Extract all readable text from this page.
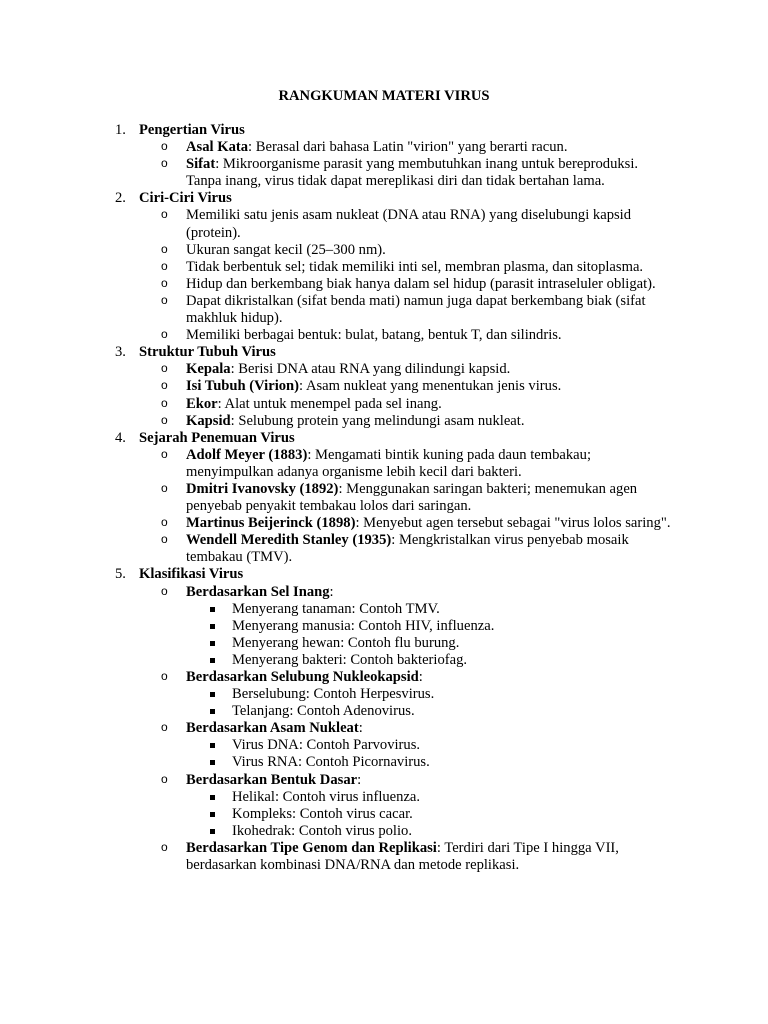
RANGKUMAN MATERI VIRUS
1. Pengertian Virus
o Asal Kata: Berasal dari bahasa Latin "virion" yang berarti racun.
o Sifat: Mikroorganisme parasit yang membutuhkan inang untuk bereproduksi. Tanpa inang, virus tidak dapat mereplikasi diri dan tidak bertahan lama.
2. Ciri-Ciri Virus
o Memiliki satu jenis asam nukleat (DNA atau RNA) yang diselubungi kapsid (protein).
o Ukuran sangat kecil (25–300 nm).
o Tidak berbentuk sel; tidak memiliki inti sel, membran plasma, dan sitoplasma.
o Hidup dan berkembang biak hanya dalam sel hidup (parasit intraseluler obligat).
o Dapat dikristalkan (sifat benda mati) namun juga dapat berkembang biak (sifat makhluk hidup).
o Memiliki berbagai bentuk: bulat, batang, bentuk T, dan silindris.
3. Struktur Tubuh Virus
o Kepala: Berisi DNA atau RNA yang dilindungi kapsid.
o Isi Tubuh (Virion): Asam nukleat yang menentukan jenis virus.
o Ekor: Alat untuk menempel pada sel inang.
o Kapsid: Selubung protein yang melindungi asam nukleat.
4. Sejarah Penemuan Virus
o Adolf Meyer (1883): Mengamati bintik kuning pada daun tembakau; menyimpulkan adanya organisme lebih kecil dari bakteri.
o Dmitri Ivanovsky (1892): Menggunakan saringan bakteri; menemukan agen penyebab penyakit tembakau lolos dari saringan.
o Martinus Beijerinck (1898): Menyebut agen tersebut sebagai "virus lolos saring".
o Wendell Meredith Stanley (1935): Mengkristalkan virus penyebab mosaik tembakau (TMV).
5. Klasifikasi Virus
o Berdasarkan Sel Inang:
Menyerang tanaman: Contoh TMV.
Menyerang manusia: Contoh HIV, influenza.
Menyerang hewan: Contoh flu burung.
Menyerang bakteri: Contoh bakteriofag.
o Berdasarkan Selubung Nukleokapsid:
Berselubung: Contoh Herpesvirus.
Telanjang: Contoh Adenovirus.
o Berdasarkan Asam Nukleat:
Virus DNA: Contoh Parvovirus.
Virus RNA: Contoh Picornavirus.
o Berdasarkan Bentuk Dasar:
Helikal: Contoh virus influenza.
Kompleks: Contoh virus cacar.
Ikohedrak: Contoh virus polio.
o Berdasarkan Tipe Genom dan Replikasi: Terdiri dari Tipe I hingga VII, berdasarkan kombinasi DNA/RNA dan metode replikasi.
